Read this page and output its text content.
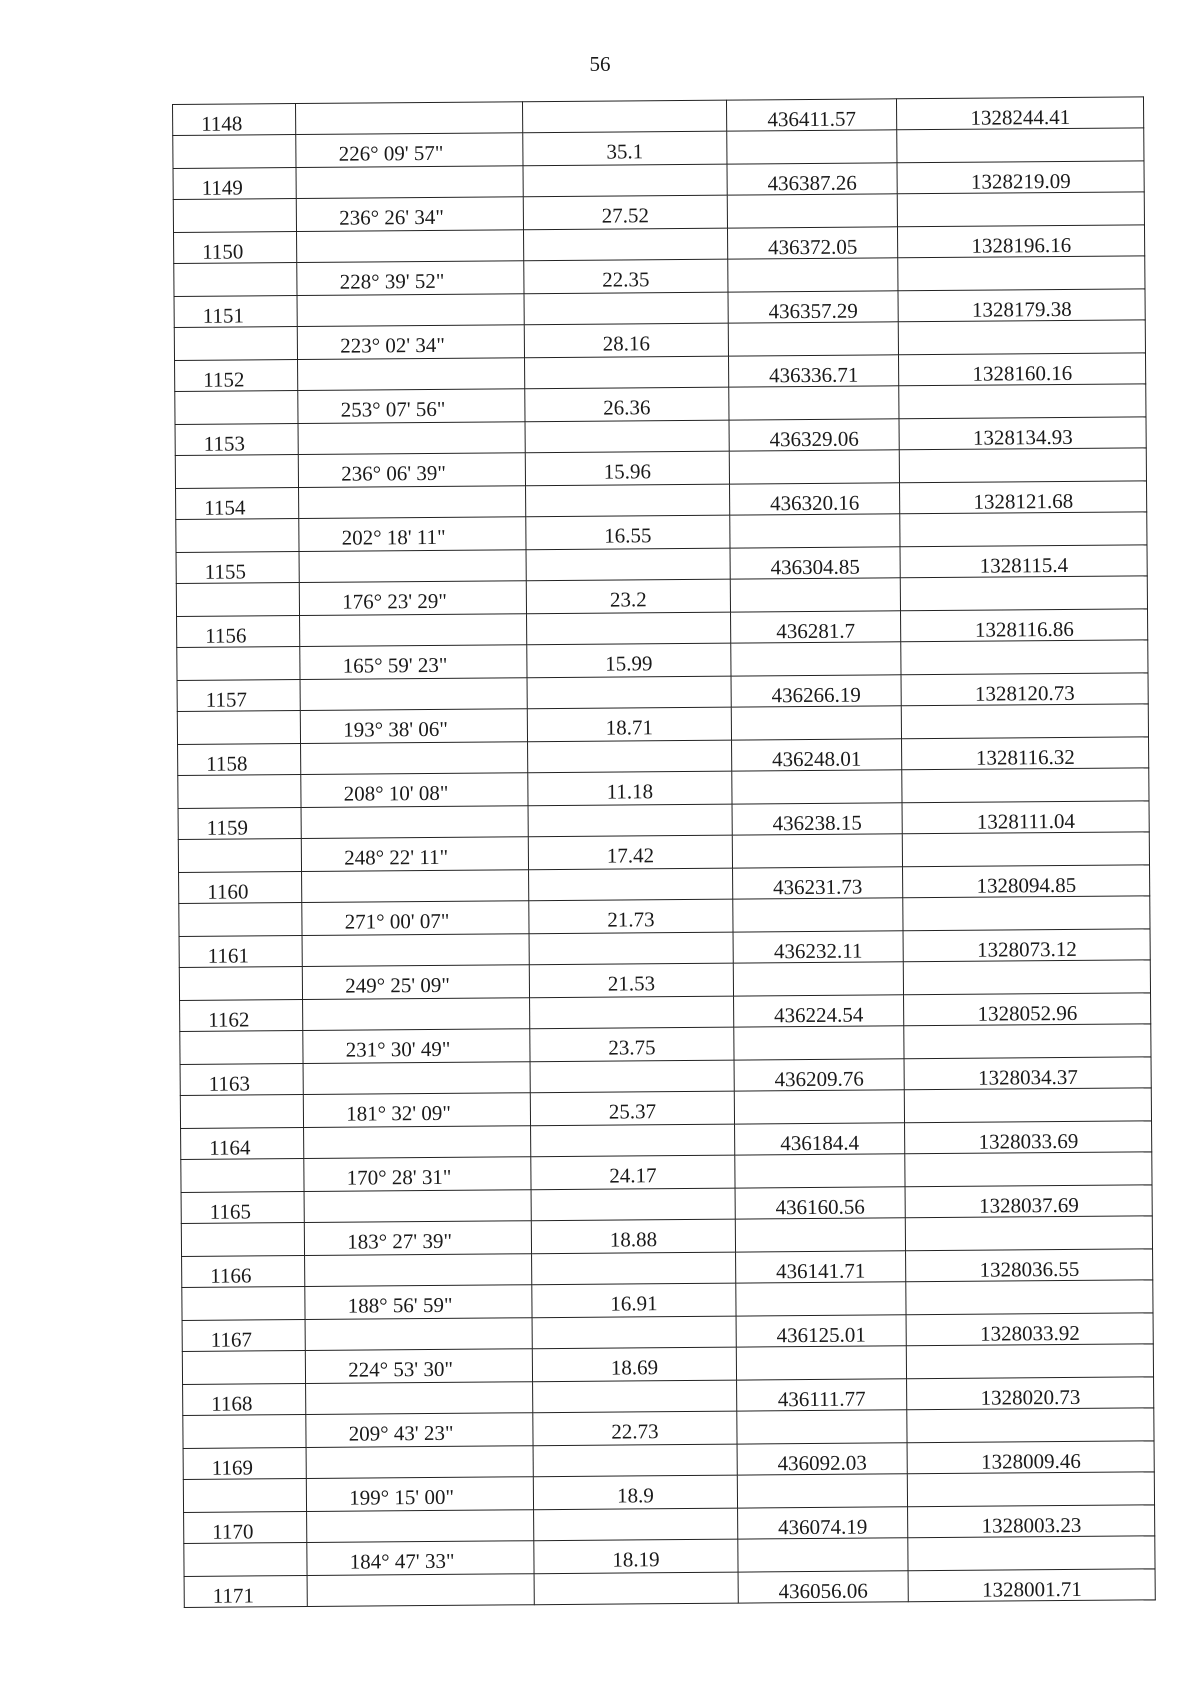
56
1148			436411.57	1328244.41
	226° 09' 57"	35.1		
1149			436387.26	1328219.09
	236° 26' 34"	27.52		
1150			436372.05	1328196.16
	228° 39' 52"	22.35		
1151			436357.29	1328179.38
	223° 02' 34"	28.16		
1152			436336.71	1328160.16
	253° 07' 56"	26.36		
1153			436329.06	1328134.93
	236° 06' 39"	15.96		
1154			436320.16	1328121.68
	202° 18' 11"	16.55		
1155			436304.85	1328115.4
	176° 23' 29"	23.2		
1156			436281.7	1328116.86
	165° 59' 23"	15.99		
1157			436266.19	1328120.73
	193° 38' 06"	18.71		
1158			436248.01	1328116.32
	208° 10' 08"	11.18		
1159			436238.15	1328111.04
	248° 22' 11"	17.42		
1160			436231.73	1328094.85
	271° 00' 07"	21.73		
1161			436232.11	1328073.12
	249° 25' 09"	21.53		
1162			436224.54	1328052.96
	231° 30' 49"	23.75		
1163			436209.76	1328034.37
	181° 32' 09"	25.37		
1164			436184.4	1328033.69
	170° 28' 31"	24.17		
1165			436160.56	1328037.69
	183° 27' 39"	18.88		
1166			436141.71	1328036.55
	188° 56' 59"	16.91		
1167			436125.01	1328033.92
	224° 53' 30"	18.69		
1168			436111.77	1328020.73
	209° 43' 23"	22.73		
1169			436092.03	1328009.46
	199° 15' 00"	18.9		
1170			436074.19	1328003.23
	184° 47' 33"	18.19		
1171			436056.06	1328001.71
